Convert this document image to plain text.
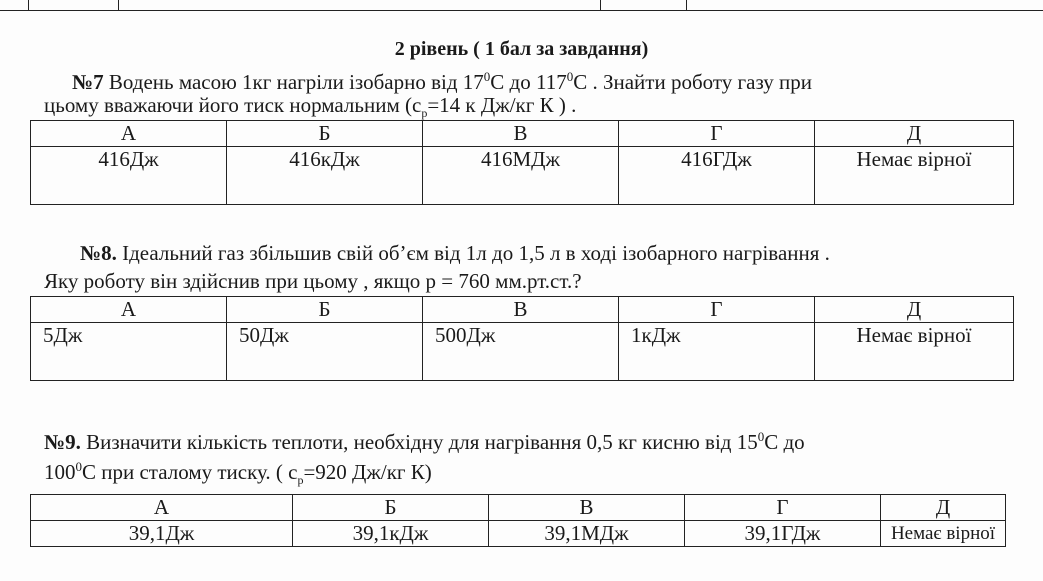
2 рівень ( 1 бал за завдання)

№7 Водень масою 1кг нагріли ізобарно від $17^0С$ до $117^0С$ . Знайти роботу газу при

цьому вважаючи його тиск нормальним ($с_р=14$ к Дж/кг К ) .

А	Б	В	Г	Д
416Дж	416кДж	416МДж	416ГДж	Немає вірної

№8. Ідеальний газ збільшив свій об’єм від 1л до 1,5 л в ході ізобарного нагрівання .

Яку роботу він здійснив при цьому , якщо р = 760 мм.рт.ст.?

А	Б	В	Г	Д
5Дж	50Дж	500Дж	1кДж	Немає вірної

№9. Визначити кількість теплоти, необхідну для нагрівання 0,5 кг кисню від $15^0С$ до

$100^0С$ при сталому тиску. ( $с_р=920$ Дж/кг К)

А	Б	В	Г	Д
39,1Дж	39,1кДж	39,1МДж	39,1ГДж	Немає вірної
